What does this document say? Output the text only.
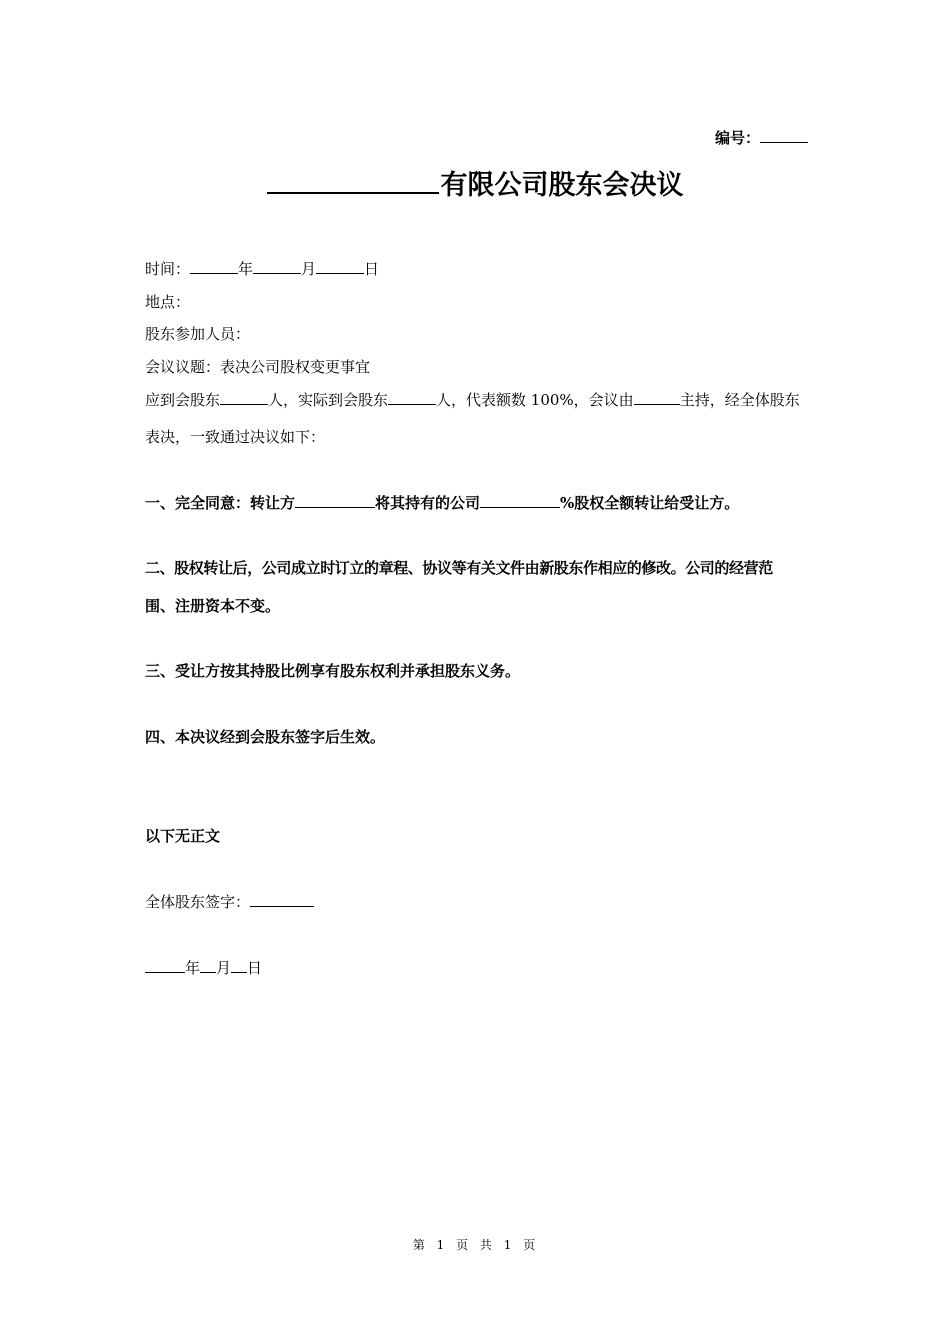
编号：
有限公司股东会决议
时间：	年	月	日
地点：
股东参加人员：
会议议题：表决公司股权变更事宜
应到会股东	人，实际到会股东	人，代表额数 100%，会议由	主持，经全体股东
表决，一致通过决议如下：
一、完全同意：转让方	将其持有的公司	%股权全额转让给受让方。
二、股权转让后，公司成立时订立的章程、协议等有关文件由新股东作相应的修改。公司的经营范
围、注册资本不变。
三、受让方按其持股比例享有股东权利并承担股东义务。
四、本决议经到会股东签字后生效。
以下无正文
全体股东签字：
年 月 日
第 1 页 共 1 页
